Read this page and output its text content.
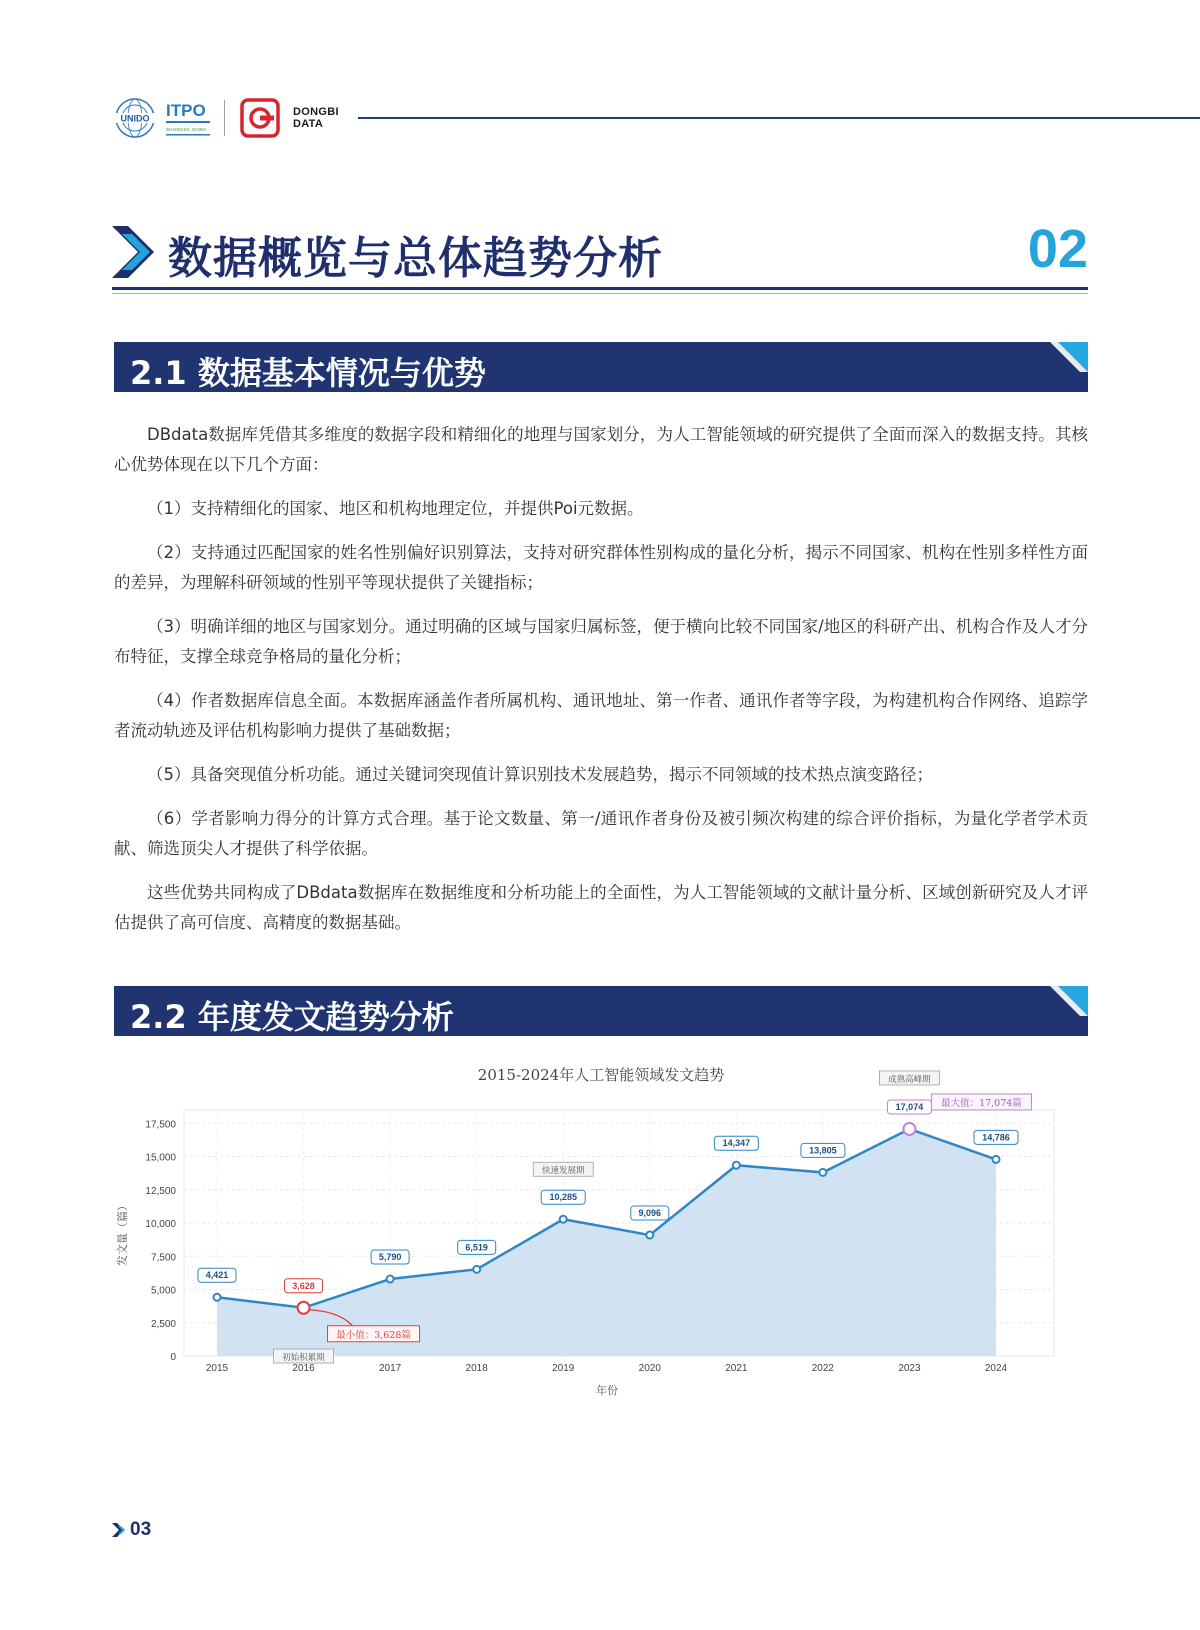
UNIDO ITPO
SHANGHAI, CHINA
DONGBI
DATA
数据概览与总体趋势分析	02
2.1 数据基本情况与优势

DBdata数据库凭借其多维度的数据字段和精细化的地理与国家划分，为人工智能领域的研究提供了全面而深入的数据支持。其核心优势体现在以下几个方面：

（1）支持精细化的国家、地区和机构地理定位，并提供Poi元数据。

（2）支持通过匹配国家的姓名性别偏好识别算法，支持对研究群体性别构成的量化分析，揭示不同国家、机构在性别多样性方面的差异，为理解科研领域的性别平等现状提供了关键指标；

（3）明确详细的地区与国家划分。通过明确的区域与国家归属标签，便于横向比较不同国家/地区的科研产出、机构合作及人才分布特征，支撑全球竞争格局的量化分析；

（4）作者数据库信息全面。本数据库涵盖作者所属机构、通讯地址、第一作者、通讯作者等字段，为构建机构合作网络、追踪学者流动轨迹及评估机构影响力提供了基础数据；

（5）具备突现值分析功能。通过关键词突现值计算识别技术发展趋势，揭示不同领域的技术热点演变路径；

（6）学者影响力得分的计算方式合理。基于论文数量、第一/通讯作者身份及被引频次构建的综合评价指标，为量化学者学术贡献、筛选顶尖人才提供了科学依据。

这些优势共同构成了DBdata数据库在数据维度和分析功能上的全面性，为人工智能领域的文献计量分析、区域创新研究及人才评估提供了高可信度、高精度的数据基础。

2.2 年度发文趋势分析
0
2,500
5,000
7,500
10,000
12,500
15,000
17,500
4,421
3,628
5,790
6,519
10,285
9,096
14,347
13,805
17,074
14,786
2015	2016	2017	2018	2019	2020	2021	2022	2023	2024
最小值：3,628篇
最大值：17,074篇
初始积累期
快速发展期
成熟高峰期
年份
发文量（篇）
2015-2024年人工智能领域发文趋势
03
